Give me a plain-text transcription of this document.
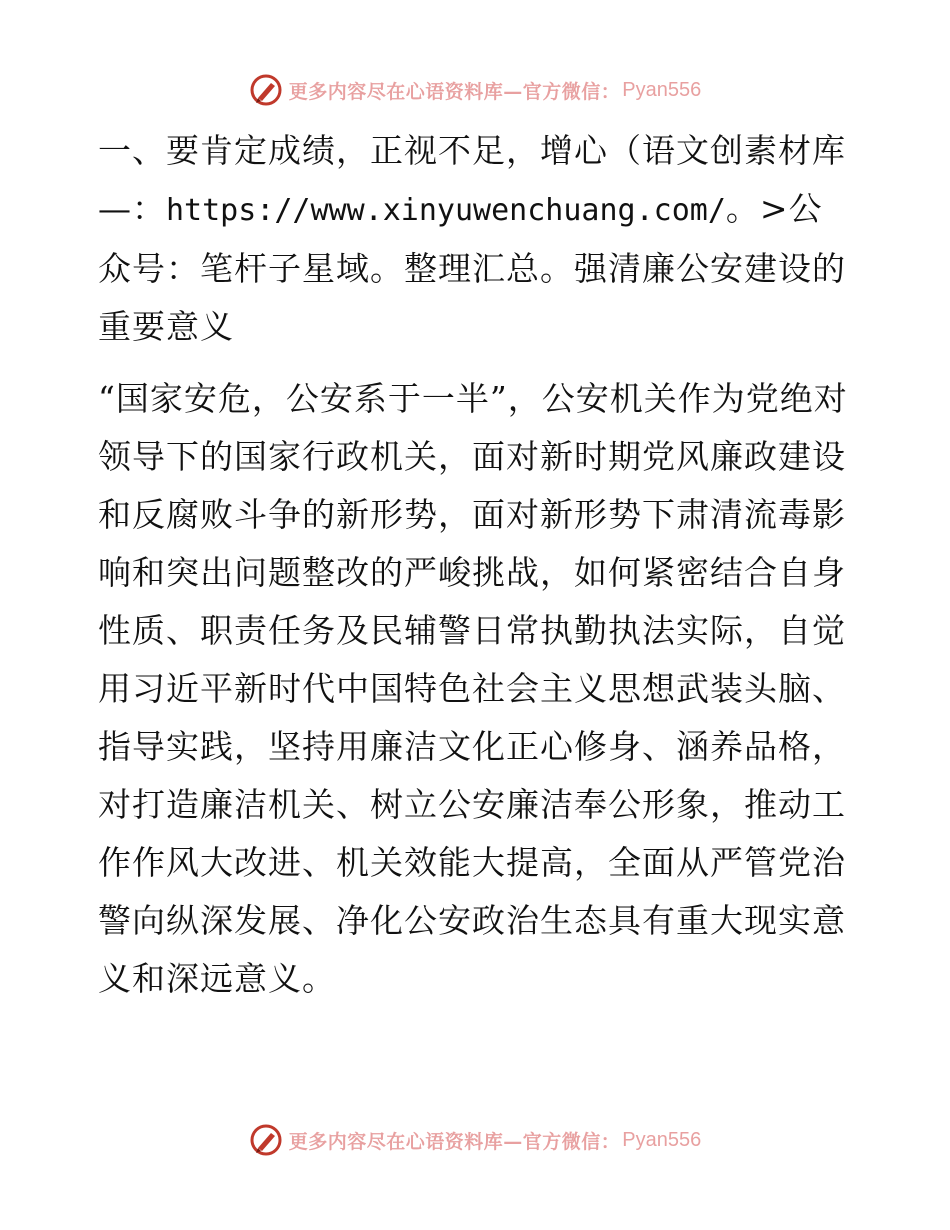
更多内容尽在心语资料库—官方微信： Pyan556

一、要肯定成绩，正视不足，增心（语文创素材库—：https://www.xinyuwenchuang.com/。>公众号：笔杆子星域。整理汇总。强清廉公安建设的重要意义

“国家安危，公安系于一半”，公安机关作为党绝对领导下的国家行政机关，面对新时期党风廉政建设和反腐败斗争的新形势，面对新形势下肃清流毒影响和突出问题整改的严峻挑战，如何紧密结合自身性质、职责任务及民辅警日常执勤执法实际，自觉用习近平新时代中国特色社会主义思想武装头脑、指导实践，坚持用廉洁文化正心修身、涵养品格，对打造廉洁机关、树立公安廉洁奉公形象，推动工作作风大改进、机关效能大提高，全面从严管党治警向纵深发展、净化公安政治生态具有重大现实意义和深远意义。

更多内容尽在心语资料库—官方微信： Pyan556
